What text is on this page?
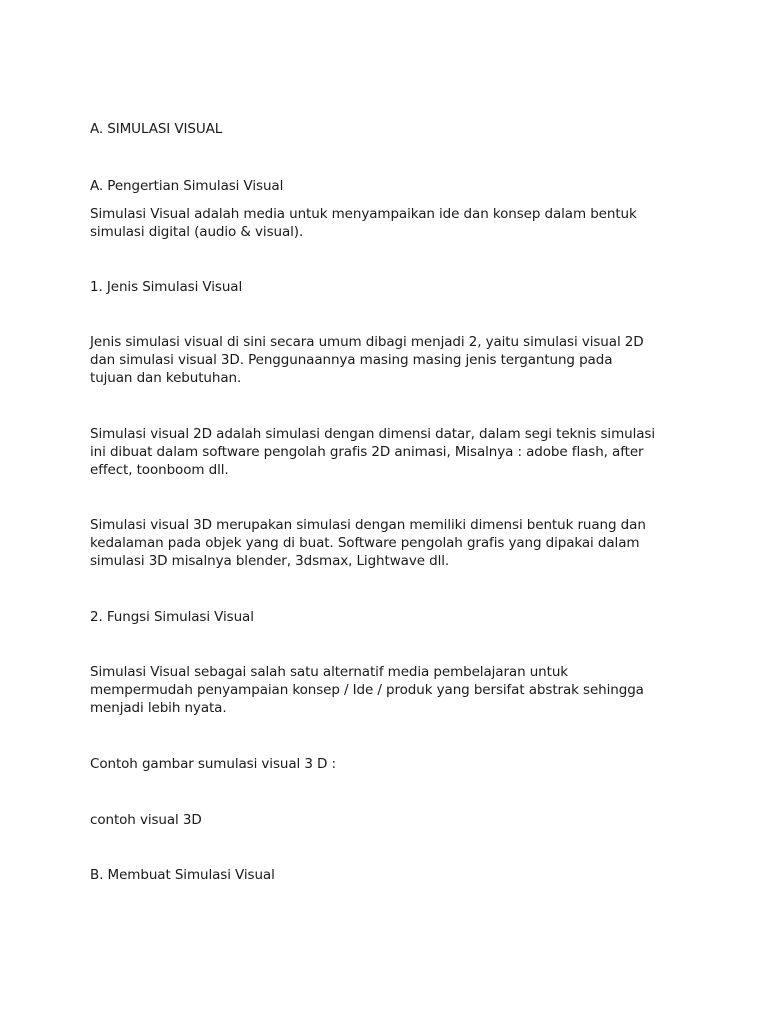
A. SIMULASI VISUAL

A. Pengertian Simulasi Visual

Simulasi Visual adalah media untuk menyampaikan ide dan konsep dalam bentuk
simulasi digital (audio & visual).

1. Jenis Simulasi Visual

Jenis simulasi visual di sini secara umum dibagi menjadi 2, yaitu simulasi visual 2D
dan simulasi visual 3D. Penggunaannya masing masing jenis tergantung pada
tujuan dan kebutuhan.

Simulasi visual 2D adalah simulasi dengan dimensi datar, dalam segi teknis simulasi
ini dibuat dalam software pengolah grafis 2D animasi, Misalnya : adobe flash, after
effect, toonboom dll.

Simulasi visual 3D merupakan simulasi dengan memiliki dimensi bentuk ruang dan
kedalaman pada objek yang di buat. Software pengolah grafis yang dipakai dalam
simulasi 3D misalnya blender, 3dsmax, Lightwave dll.

2. Fungsi Simulasi Visual

Simulasi Visual sebagai salah satu alternatif media pembelajaran untuk
mempermudah penyampaian konsep / Ide / produk yang bersifat abstrak sehingga
menjadi lebih nyata.

Contoh gambar sumulasi visual 3 D :

contoh visual 3D

B. Membuat Simulasi Visual
